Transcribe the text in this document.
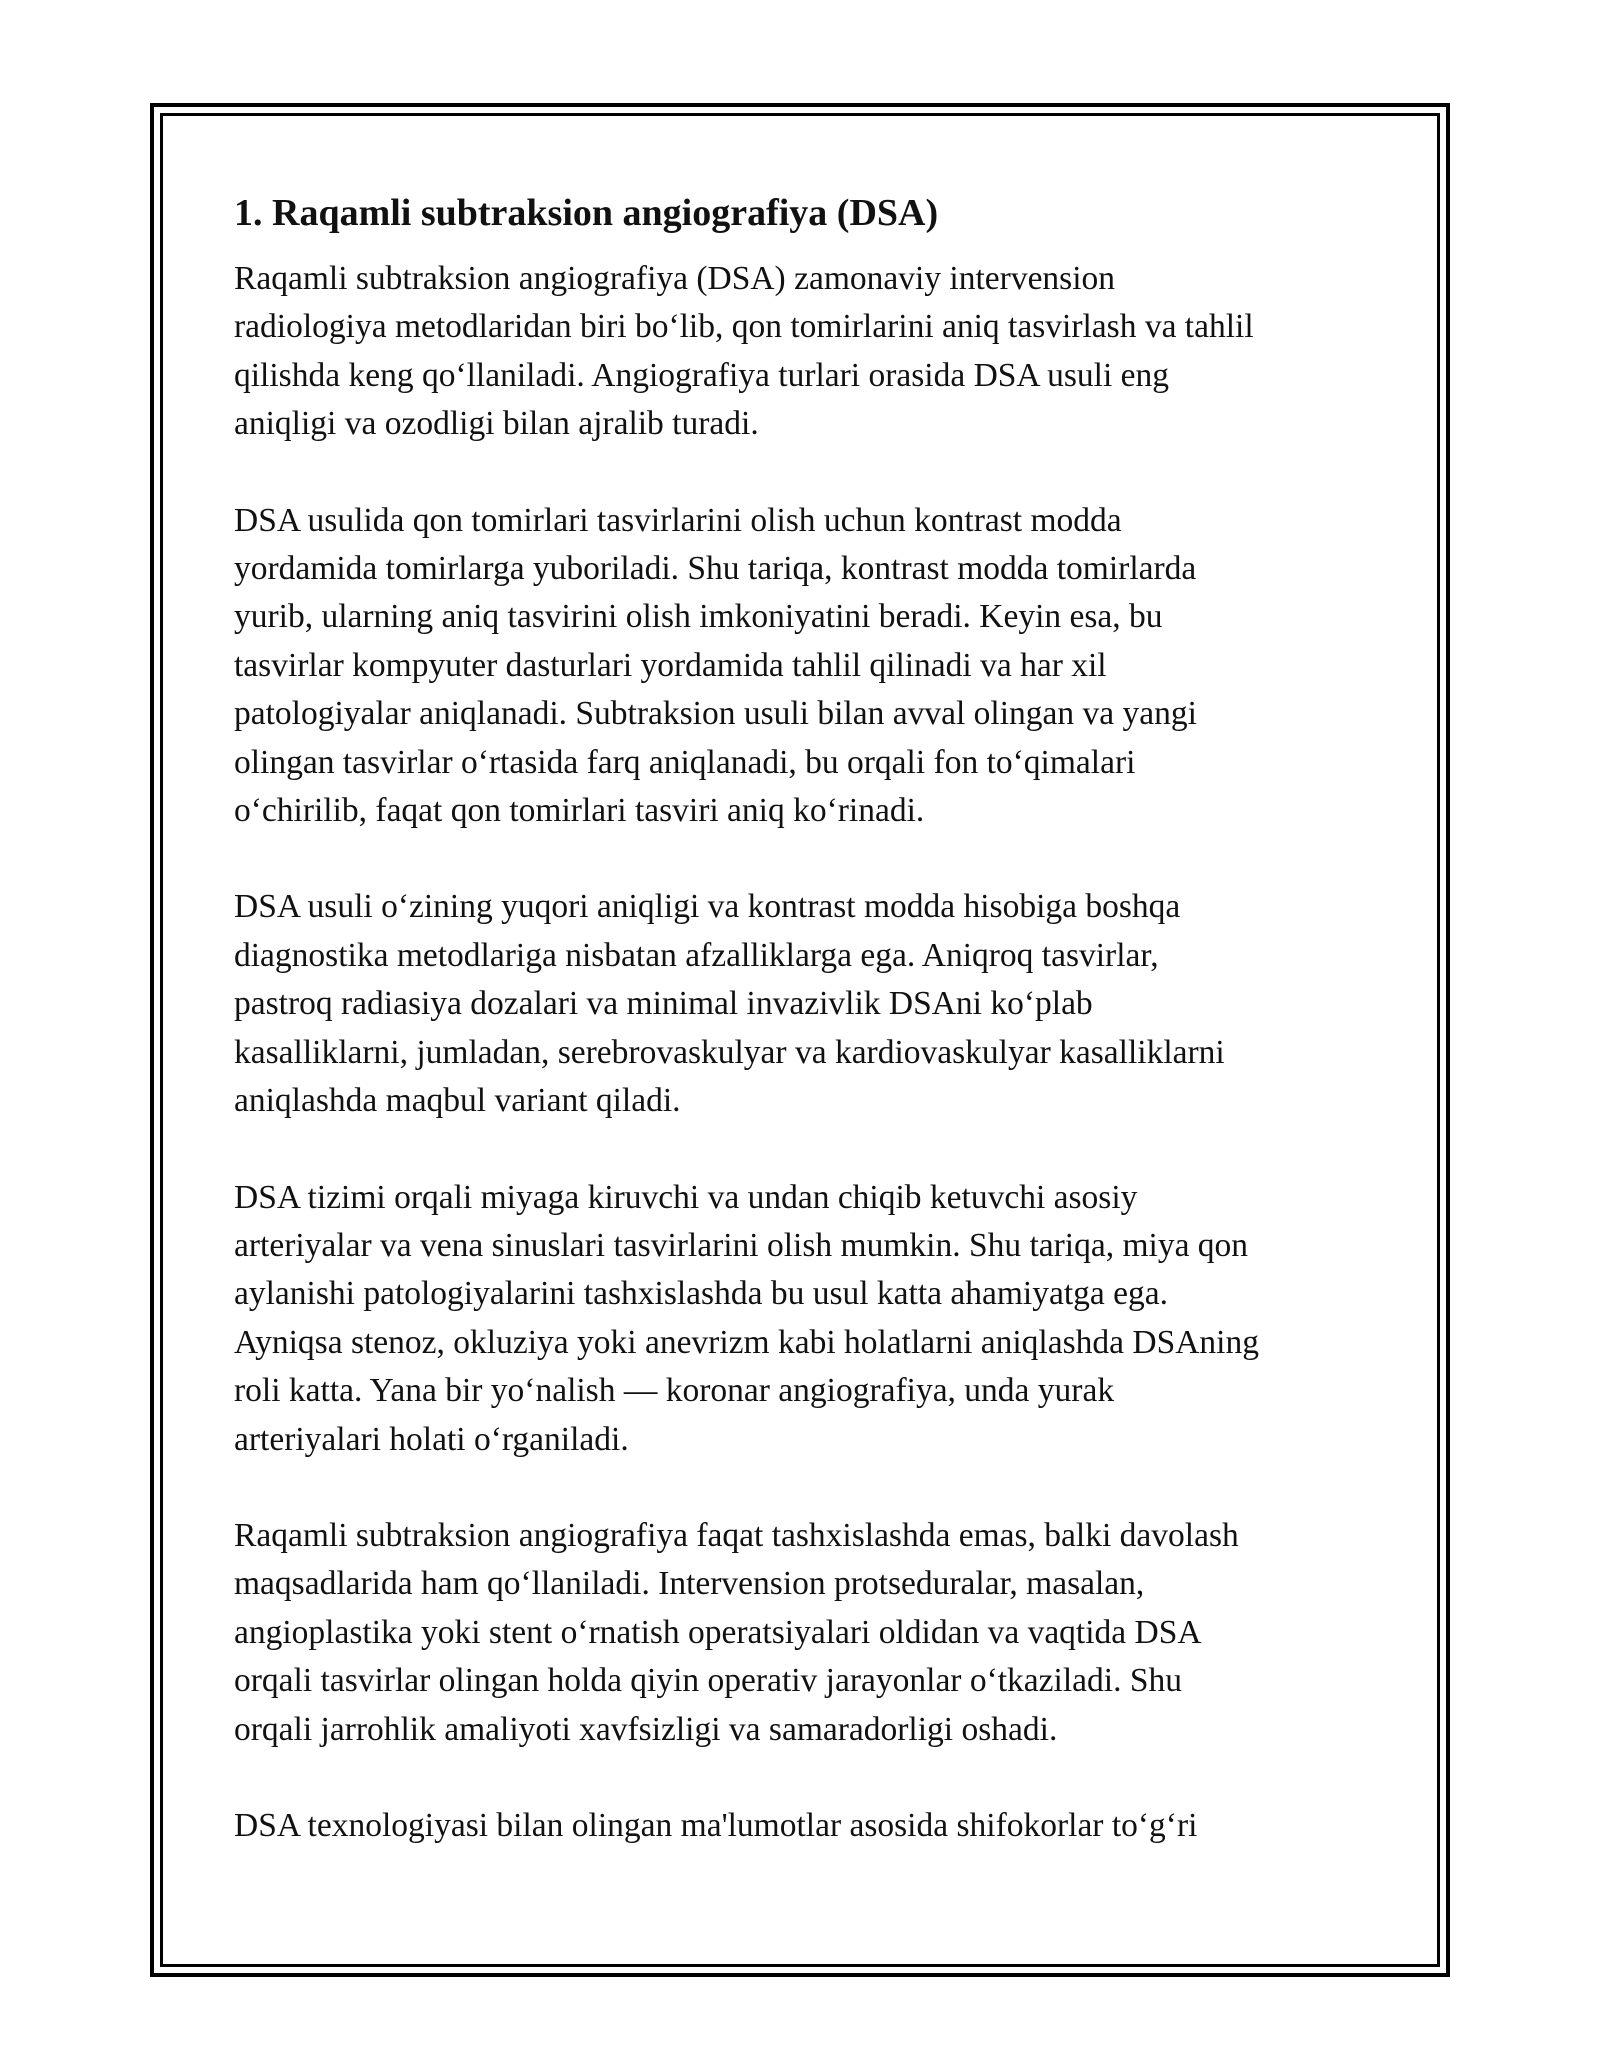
1. Raqamli subtraksion angiografiya (DSA)

Raqamli subtraksion angiografiya (DSA) zamonaviy intervension
radiologiya metodlaridan biri bo‘lib, qon tomirlarini aniq tasvirlash va tahlil
qilishda keng qo‘llaniladi. Angiografiya turlari orasida DSA usuli eng
aniqligi va ozodligi bilan ajralib turadi.

DSA usulida qon tomirlari tasvirlarini olish uchun kontrast modda
yordamida tomirlarga yuboriladi. Shu tariqa, kontrast modda tomirlarda
yurib, ularning aniq tasvirini olish imkoniyatini beradi. Keyin esa, bu
tasvirlar kompyuter dasturlari yordamida tahlil qilinadi va har xil
patologiyalar aniqlanadi. Subtraksion usuli bilan avval olingan va yangi
olingan tasvirlar o‘rtasida farq aniqlanadi, bu orqali fon to‘qimalari
o‘chirilib, faqat qon tomirlari tasviri aniq ko‘rinadi.

DSA usuli o‘zining yuqori aniqligi va kontrast modda hisobiga boshqa
diagnostika metodlariga nisbatan afzalliklarga ega. Aniqroq tasvirlar,
pastroq radiasiya dozalari va minimal invazivlik DSAni ko‘plab
kasalliklarni, jumladan, serebrovaskulyar va kardiovaskulyar kasalliklarni
aniqlashda maqbul variant qiladi.

DSA tizimi orqali miyaga kiruvchi va undan chiqib ketuvchi asosiy
arteriyalar va vena sinuslari tasvirlarini olish mumkin. Shu tariqa, miya qon
aylanishi patologiyalarini tashxislashda bu usul katta ahamiyatga ega.
Ayniqsa stenoz, okluziya yoki anevrizm kabi holatlarni aniqlashda DSAning
roli katta. Yana bir yo‘nalish — koronar angiografiya, unda yurak
arteriyalari holati o‘rganiladi.

Raqamli subtraksion angiografiya faqat tashxislashda emas, balki davolash
maqsadlarida ham qo‘llaniladi. Intervension protseduralar, masalan,
angioplastika yoki stent o‘rnatish operatsiyalari oldidan va vaqtida DSA
orqali tasvirlar olingan holda qiyin operativ jarayonlar o‘tkaziladi. Shu
orqali jarrohlik amaliyoti xavfsizligi va samaradorligi oshadi.

DSA texnologiyasi bilan olingan ma'lumotlar asosida shifokorlar to‘g‘ri
